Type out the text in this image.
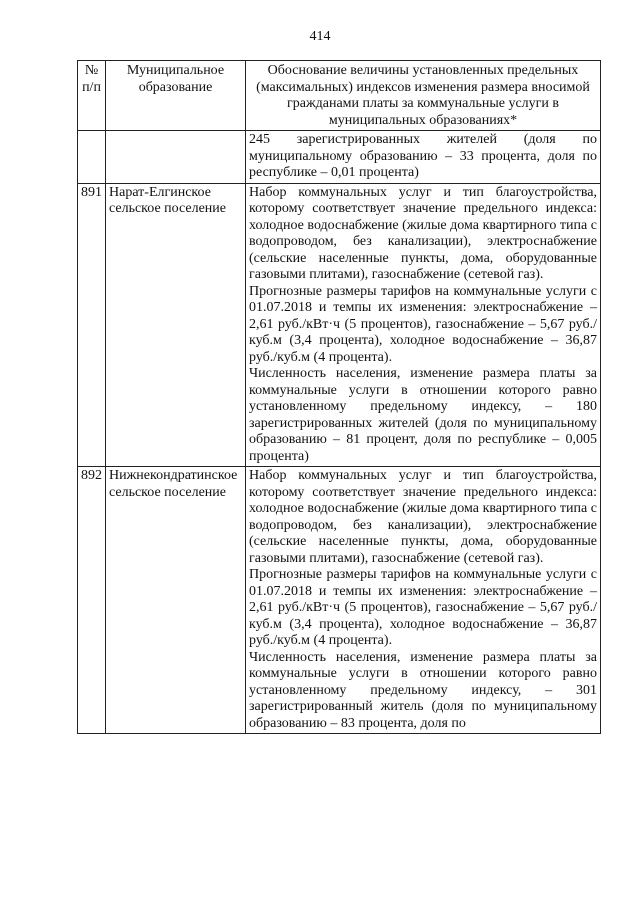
414
№ п/п	Муниципальное образование	Обоснование величины установленных предельных (максимальных) индексов изменения размера вносимой гражданами платы за коммунальные услуги в муниципальных образованиях*

		245 зарегистрированных жителей (доля по муниципальному образованию – 33 процента, доля по республике – 0,01 процента)

891	Нарат-Елгинское сельское поселение	Набор коммунальных услуг и тип благоустройства, которому соответствует значение предельного индекса: холодное водоснабжение (жилые дома квартирного типа с водопроводом, без канализации), электроснабжение (сельские населенные пункты, дома, оборудованные газовыми плитами), газоснабжение (сетевой газ).

Прогнозные размеры тарифов на коммунальные услуги с 01.07.2018 и темпы их изменения: электроснабжение – 2,61 руб./кВт·ч (5 процентов), газоснабжение – 5,67 руб./куб.м (3,4 процента), холодное водоснабжение – 36,87 руб./куб.м (4 процента).

Численность населения, изменение размера платы за коммунальные услуги в отношении которого равно установленному предельному индексу, – 180 зарегистрированных жителей (доля по муниципальному образованию – 81 процент, доля по республике – 0,005 процента)

892	Нижнекондратинское сельское поселение	Набор коммунальных услуг и тип благоустройства, которому соответствует значение предельного индекса: холодное водоснабжение (жилые дома квартирного типа с водопроводом, без канализации), электроснабжение (сельские населенные пункты, дома, оборудованные газовыми плитами), газоснабжение (сетевой газ).

Прогнозные размеры тарифов на коммунальные услуги с 01.07.2018 и темпы их изменения: электроснабжение – 2,61 руб./кВт·ч (5 процентов), газоснабжение – 5,67 руб./куб.м (3,4 процента), холодное водоснабжение – 36,87 руб./куб.м (4 процента).

Численность населения, изменение размера платы за коммунальные услуги в отношении которого равно установленному предельному индексу, – 301 зарегистрированный житель (доля по муниципальному образованию – 83 процента, доля по
